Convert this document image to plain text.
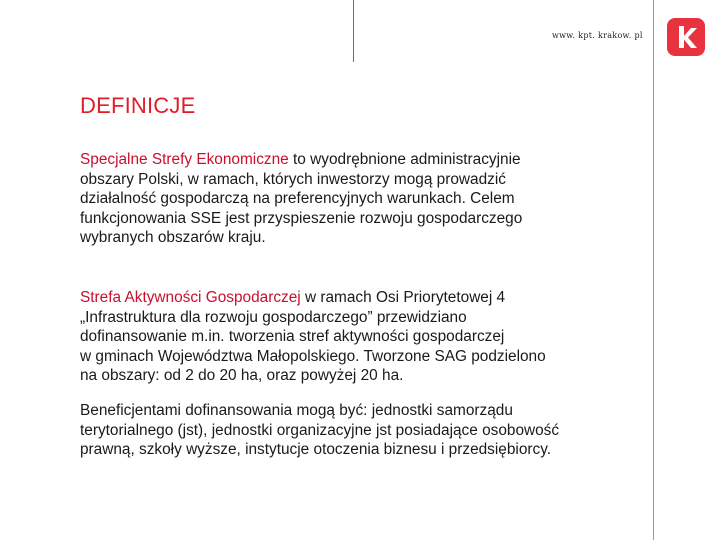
www. kpt. krakow. pl
DEFINICJE
Specjalne Strefy Ekonomiczne to wyodrębnione administracyjnie
obszary Polski, w ramach, których inwestorzy mogą prowadzić
działalność gospodarczą na preferencyjnych warunkach. Celem
funkcjonowania SSE jest przyspieszenie rozwoju gospodarczego
wybranych obszarów kraju.
Strefa Aktywności Gospodarczej w ramach Osi Priorytetowej 4
„Infrastruktura dla rozwoju gospodarczego” przewidziano
dofinansowanie m.in. tworzenia stref aktywności gospodarczej
w gminach Województwa Małopolskiego. Tworzone SAG podzielono
na obszary: od 2 do 20 ha, oraz powyżej 20 ha.
Beneficjentami dofinansowania mogą być: jednostki samorządu
terytorialnego (jst), jednostki organizacyjne jst posiadające osobowość
prawną, szkoły wyższe, instytucje otoczenia biznesu i przedsiębiorcy.
